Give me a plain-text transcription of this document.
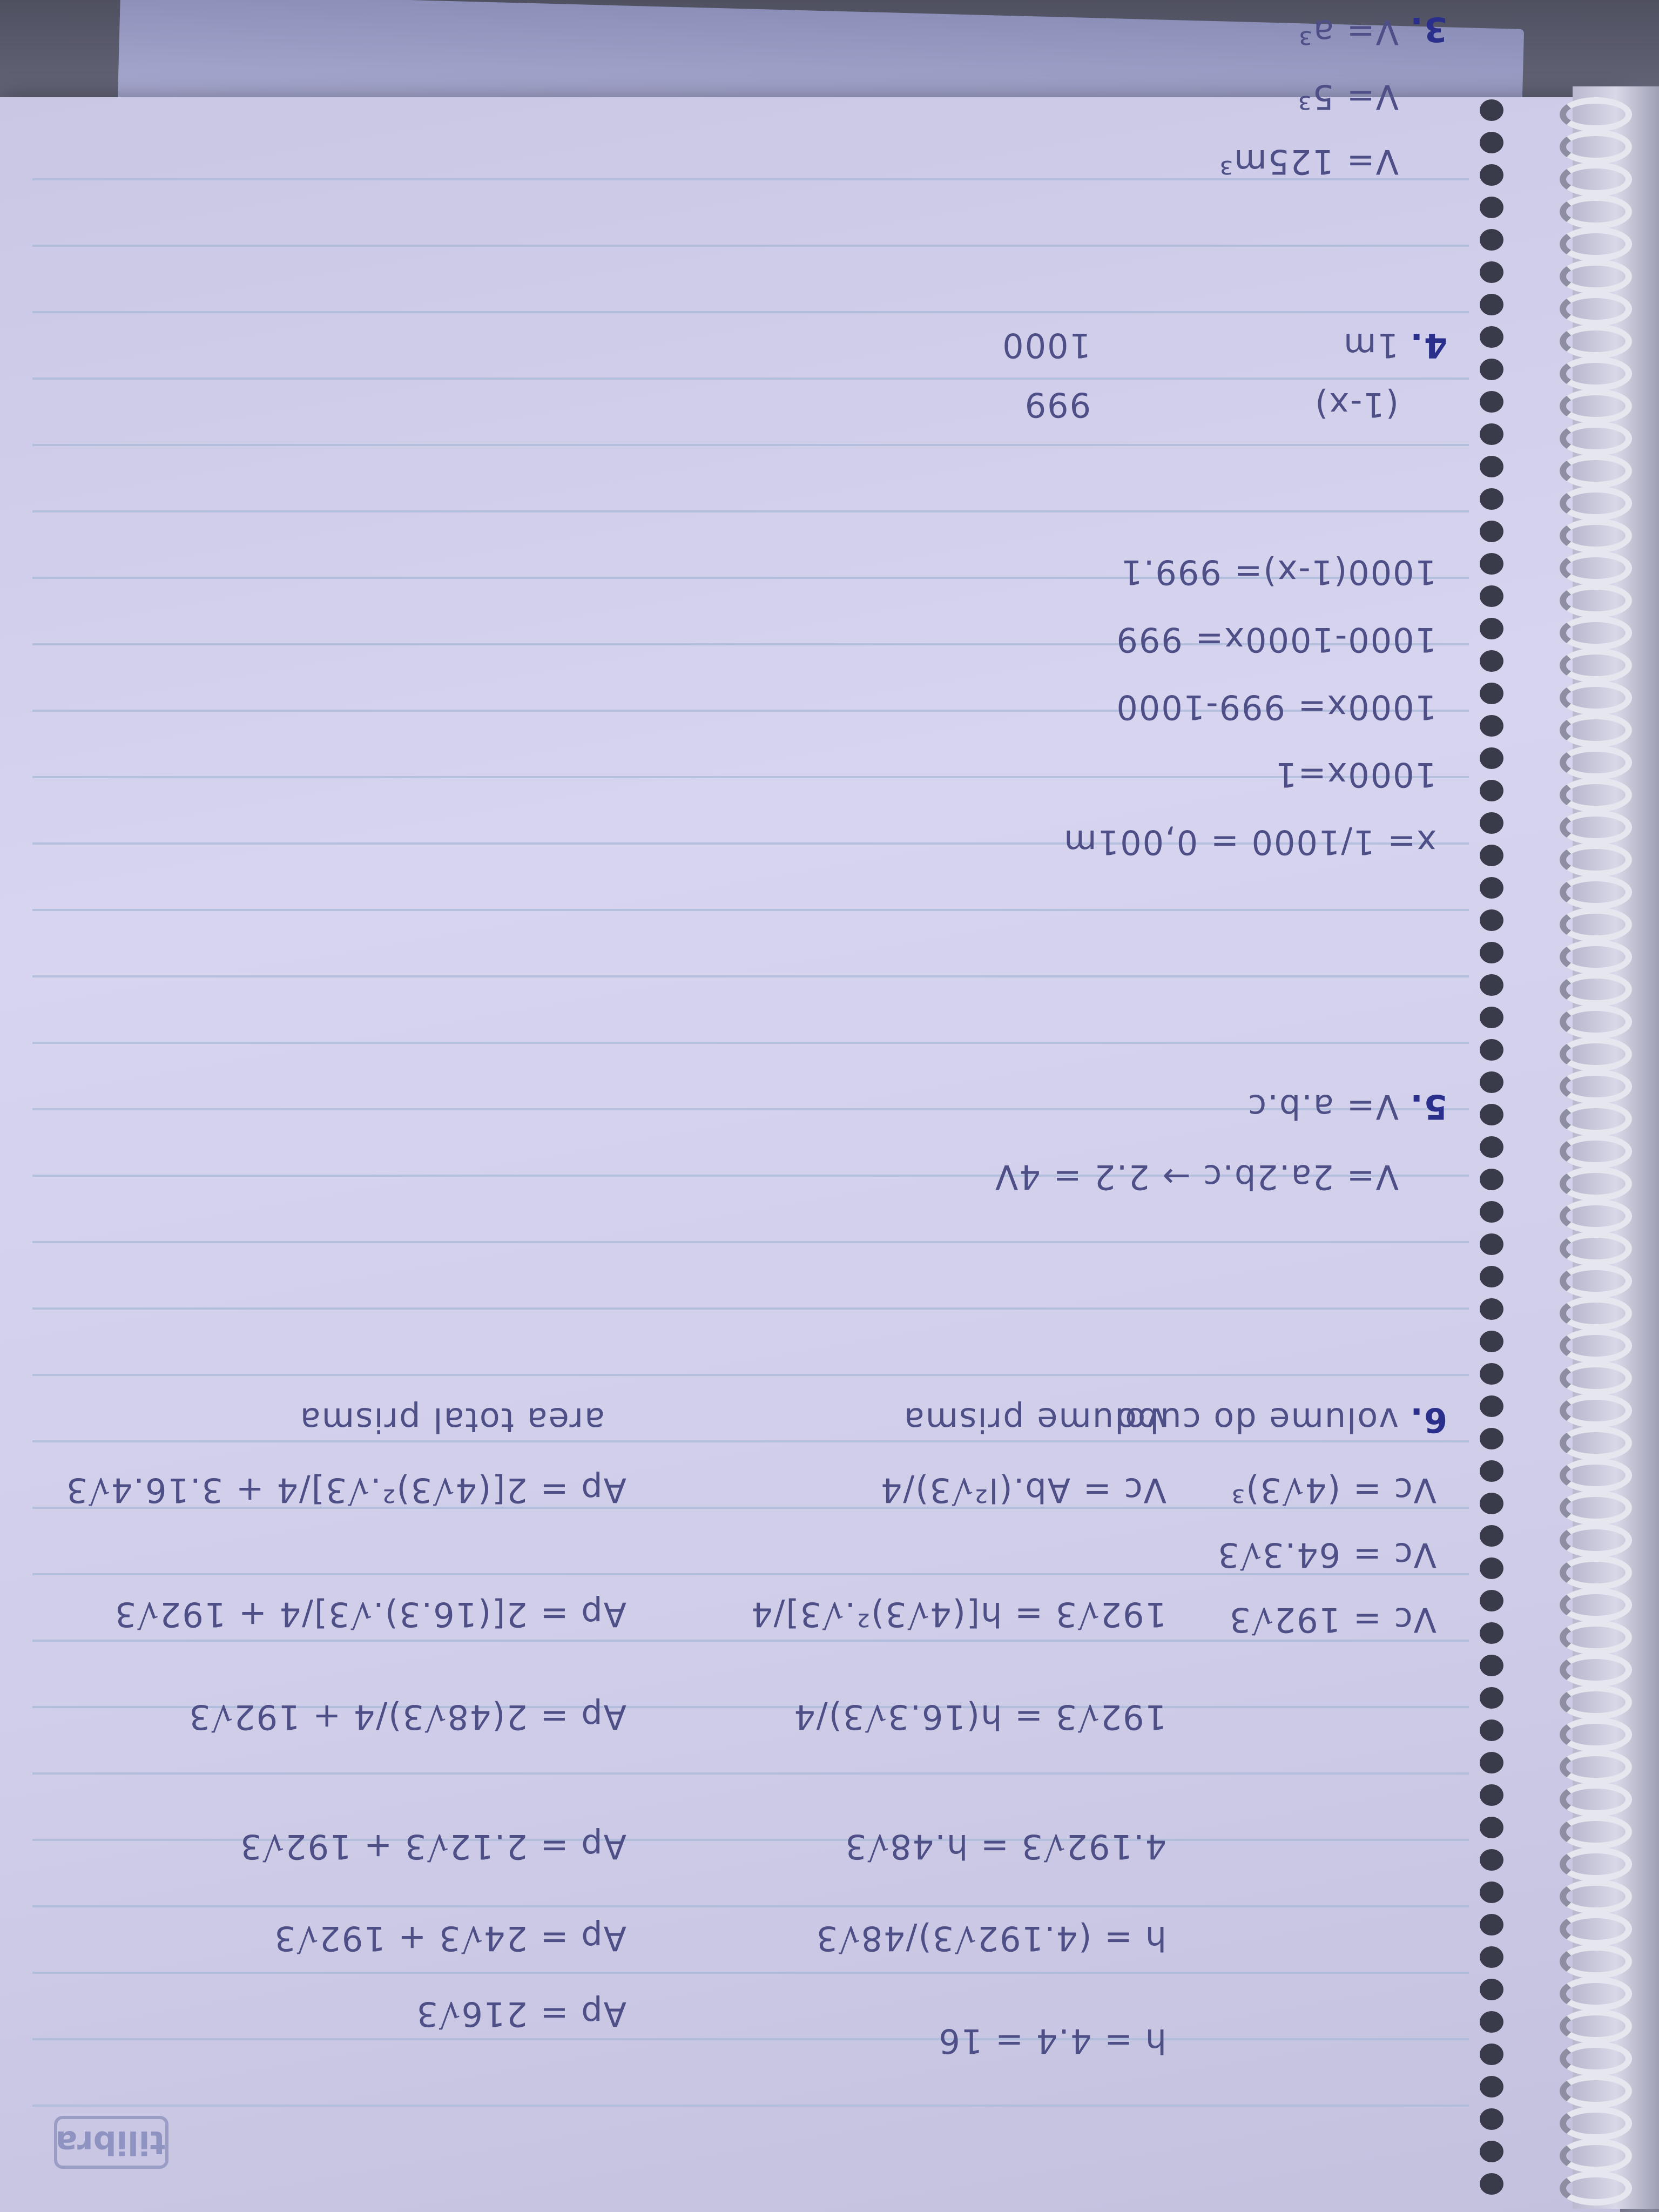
tilibra
3.
V= a³
V= 5³
V= 125m³
4.
1m
1000
(1-x)
999
1000(1-x)= 999.1
1000-1000x= 999
1000x= 999-1000
1000x=1
x= 1/1000 = 0,001m
5.
V= a.b.c
V= 2a.2b.c → 2.2 = 4V
6.
volume do cubo
volume prisma
area total prisma
Vc = (4√3)³
Vc = 64.3√3
Vc = 192√3
Vc = Ab.(l²√3)/4
192√3 = h[(4√3)².√3]/4
192√3 = h(16.3√3)/4
4.192√3 = h.48√3
h = (4.192√3)/48√3
h = 4.4 = 16
Ap = 2[(4√3)².√3]/4 + 3.16.4√3
Ap = 2[(16.3).√3]/4 + 192√3
Ap = 2(48√3)/4 + 192√3
Ap = 2.12√3 + 192√3
Ap = 24√3 + 192√3
Ap = 216√3
